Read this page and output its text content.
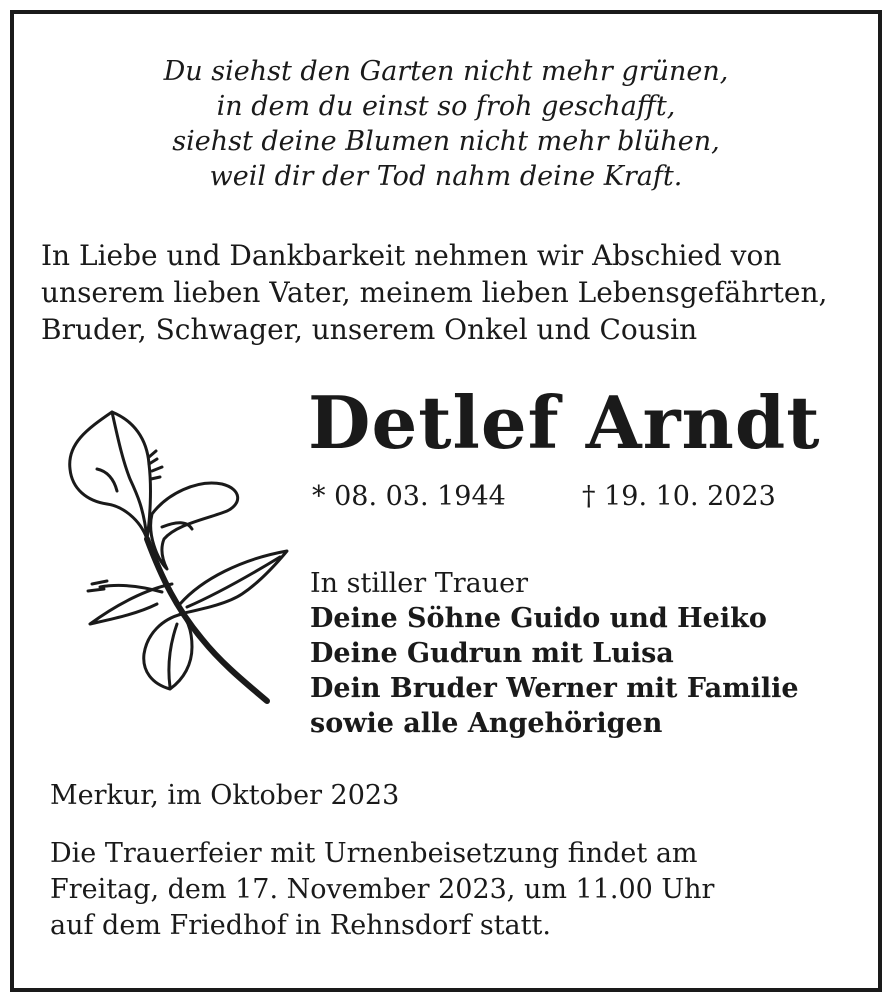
Du siehst den Garten nicht mehr grünen,
in dem du einst so froh geschafft,
siehst deine Blumen nicht mehr blühen,
weil dir der Tod nahm deine Kraft.
In Liebe und Dankbarkeit nehmen wir Abschied von
unserem lieben Vater, meinem lieben Lebensgefährten,
Bruder, Schwager, unserem Onkel und Cousin
Detlef Arndt
* 08. 03. 1944	† 19. 10. 2023
In stiller Trauer
Deine Söhne Guido und Heiko
Deine Gudrun mit Luisa
Dein Bruder Werner mit Familie
sowie alle Angehörigen
Merkur, im Oktober 2023
Die Trauerfeier mit Urnenbeisetzung findet am
Freitag, dem 17. November 2023, um 11.00 Uhr
auf dem Friedhof in Rehnsdorf statt.
